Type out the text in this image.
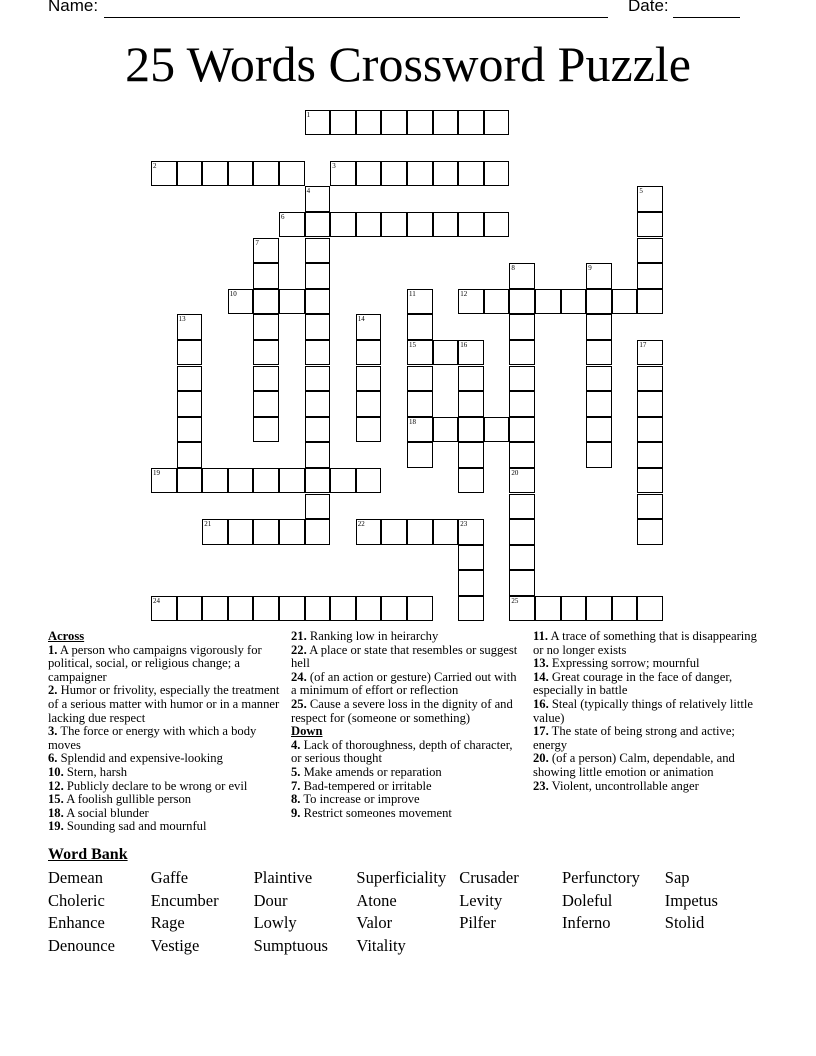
Name:	Date:
25 Words Crossword Puzzle
1
2	3
4	5
6
7
8
20
9
10	11
15
18
12
13	14
16	17
19
25
21	22	23
24
Across

1. A person who campaigns vigorously for political, social, or religious change; a campaigner

2. Humor or frivolity, especially the treatment of a serious matter with humor or in a manner lacking due respect

3. The force or energy with which a body moves

6. Splendid and expensive-looking

10. Stern, harsh

12. Publicly declare to be wrong or evil

15. A foolish gullible person

18. A social blunder

19. Sounding sad and mournful

21. Ranking low in heirarchy

22. A place or state that resembles or suggest hell

24. (of an action or gesture) Carried out with a minimum of effort or reflection

25. Cause a severe loss in the dignity of and respect for (someone or something)

Down

4. Lack of thoroughness, depth of character, or serious thought

5. Make amends or reparation

7. Bad-tempered or irritable

8. To increase or improve

9. Restrict someones movement

11. A trace of something that is disappearing or no longer exists

13. Expressing sorrow; mournful

14. Great courage in the face of danger, especially in battle

16. Steal (typically things of relatively little value)

17. The state of being strong and active; energy

20. (of a person) Calm, dependable, and showing little emotion or animation

23. Violent, uncontrollable anger

Word Bank
Demean	Gaffe	Plaintive	Superficiality Crusader	Perfunctory	Sap
Choleric	Encumber	Dour	Atone	Levity	Doleful	Impetus
Enhance	Rage	Lowly	Valor	Pilfer	Inferno	Stolid
Denounce	Vestige	Sumptuous	Vitality
